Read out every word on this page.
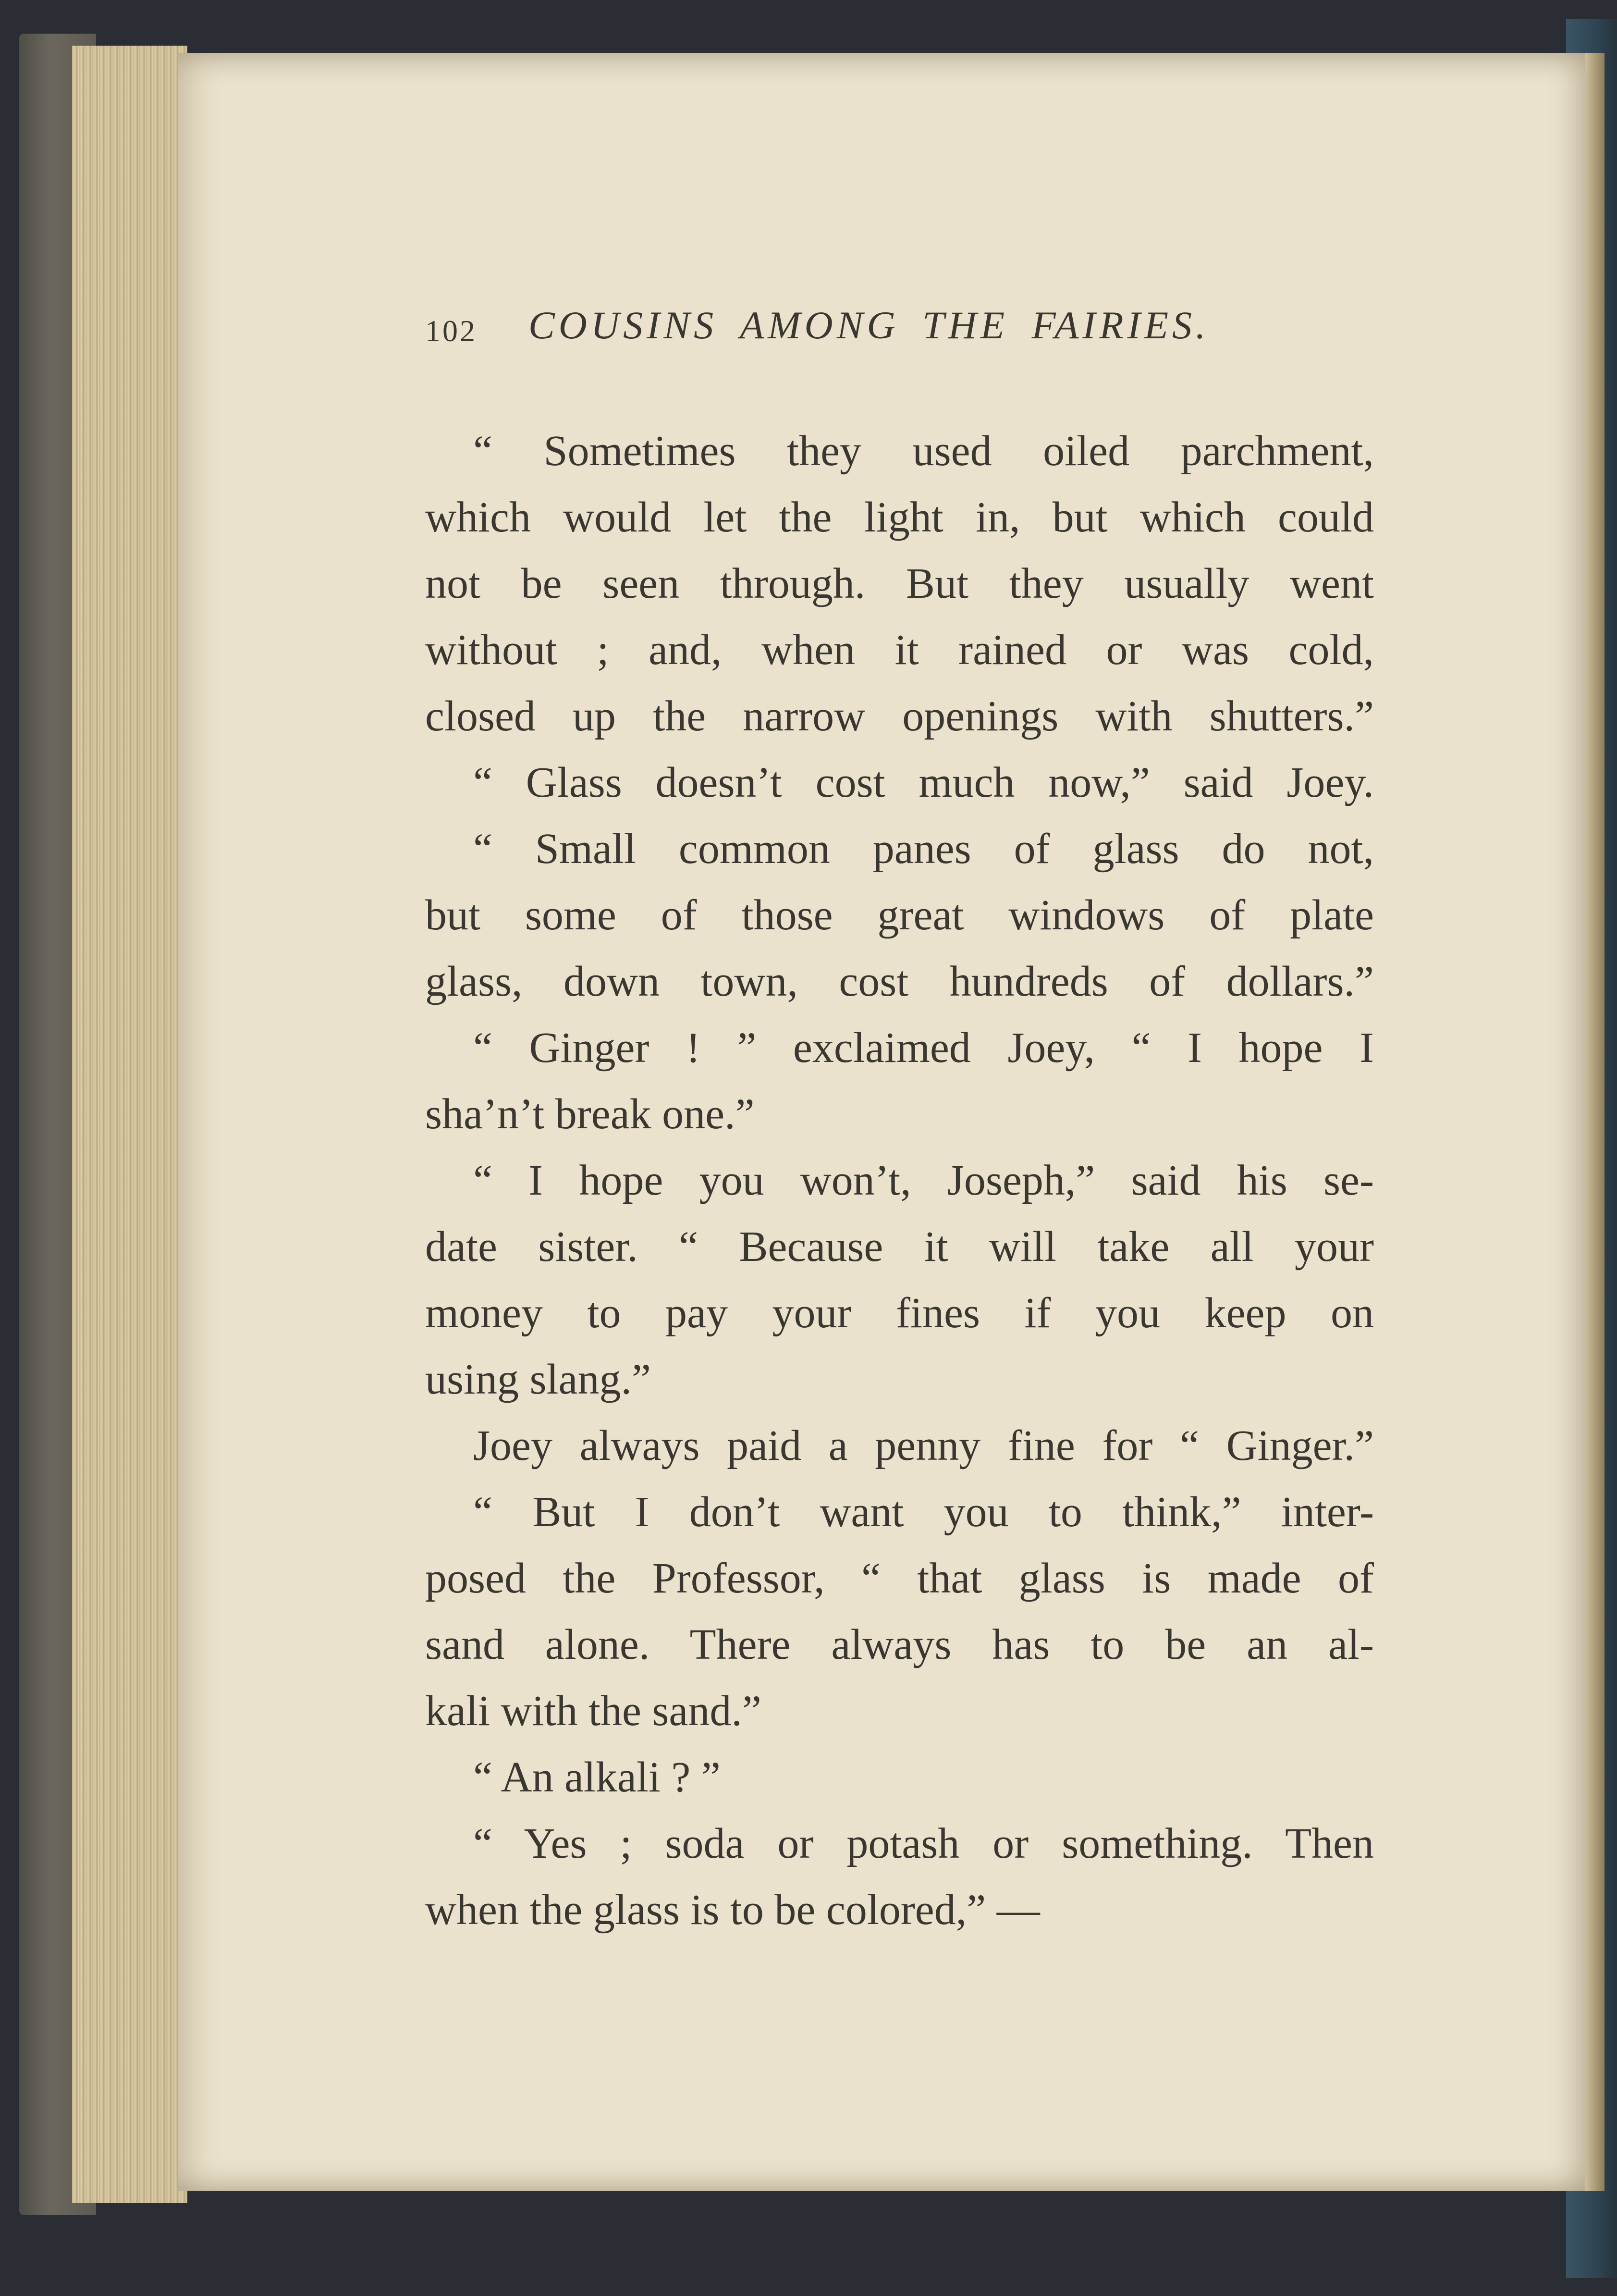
102 COUSINS AMONG THE FAIRIES.

“ Sometimes they used oiled parchment,

which would let the light in, but which could

not be seen through. But they usually went

without ; and, when it rained or was cold,

closed up the narrow openings with shutters.”

“ Glass doesn’t cost much now,” said Joey.

“ Small common panes of glass do not,

but some of those great windows of plate

glass, down town, cost hundreds of dollars.”

“ Ginger ! ” exclaimed Joey, “ I hope I

sha’n’t break one.”

“ I hope you won’t, Joseph,” said his se-

date sister. “ Because it will take all your

money to pay your fines if you keep on

using slang.”

Joey always paid a penny fine for “ Ginger.”

“ But I don’t want you to think,” inter-

posed the Professor, “ that glass is made of

sand alone. There always has to be an al-

kali with the sand.”

“ An alkali ? ”

“ Yes ; soda or potash or something. Then

when the glass is to be colored,” —
